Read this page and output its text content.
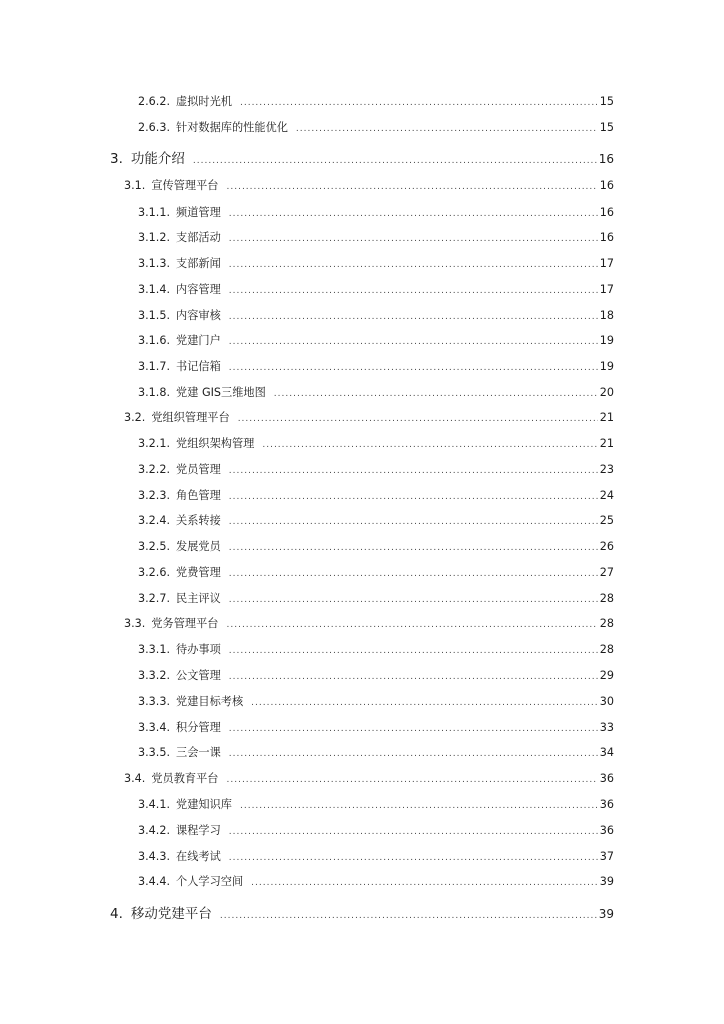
2.6.2. 虚拟时光机 .....	15
2.6.3. 针对数据库的性能优化 .....	15
3. 功能介绍 .....	16
3.1. 宣传管理平台 .....	16
3.1.1. 频道管理 .....	16
3.1.2. 支部活动 .....	16
3.1.3. 支部新闻 .....	17
3.1.4. 内容管理 .....	17
3.1.5. 内容审核 .....	18
3.1.6. 党建门户 .....	19
3.1.7. 书记信箱 .....	19
3.1.8. 党建 GIS三维地图 .....	20
3.2. 党组织管理平台 .....	21
3.2.1. 党组织架构管理 .....	21
3.2.2. 党员管理 .....	23
3.2.3. 角色管理 .....	24
3.2.4. 关系转接 .....	25
3.2.5. 发展党员 .....	26
3.2.6. 党费管理 .....	27
3.2.7. 民主评议 .....	28
3.3. 党务管理平台 .....	28
3.3.1. 待办事项 .....	28
3.3.2. 公文管理 .....	29
3.3.3. 党建目标考核 .....	30
3.3.4. 积分管理 .....	33
3.3.5. 三会一课 .....	34
3.4. 党员教育平台 .....	36
3.4.1. 党建知识库 .....	36
3.4.2. 课程学习 .....	36
3.4.3. 在线考试 .....	37
3.4.4. 个人学习空间 .....	39
4. 移动党建平台 .....	39
